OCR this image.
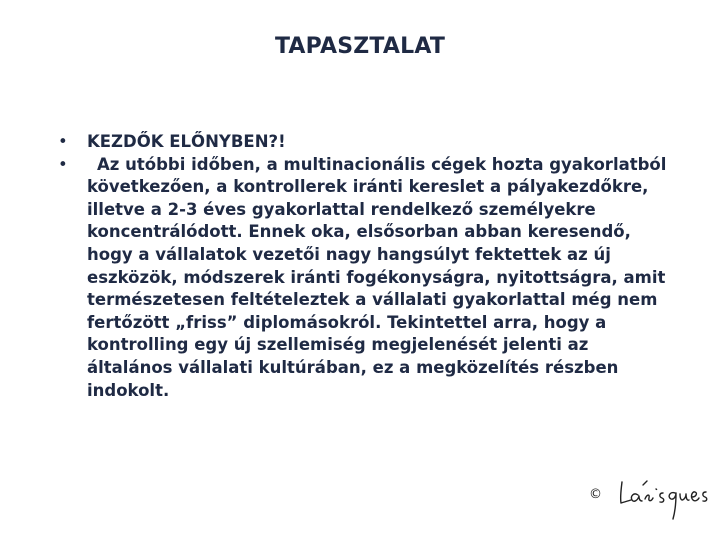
TAPASZTALAT
• KEZDŐK ELŐNYBEN?!
•	Az utóbbi időben, a multinacionális cégek hozta gyakorlatból következően, a kontrollerek iránti kereslet a pályakezdőkre, illetve a 2-3 éves gyakorlattal rendelkező személyekre koncentrálódott. Ennek oka, elsősorban abban keresendő, hogy a vállalatok vezetői nagy hangsúlyt fektettek az új eszközök, módszerek iránti fogékonyságra, nyitottságra, amit természetesen feltételeztek a vállalati gyakorlattal még nem fertőzött „friss” diplomásokról. Tekintettel arra, hogy a kontrolling egy új szellemiség megjelenését jelenti az általános vállalati kultúrában, ez a megközelítés részben indokolt.
©
